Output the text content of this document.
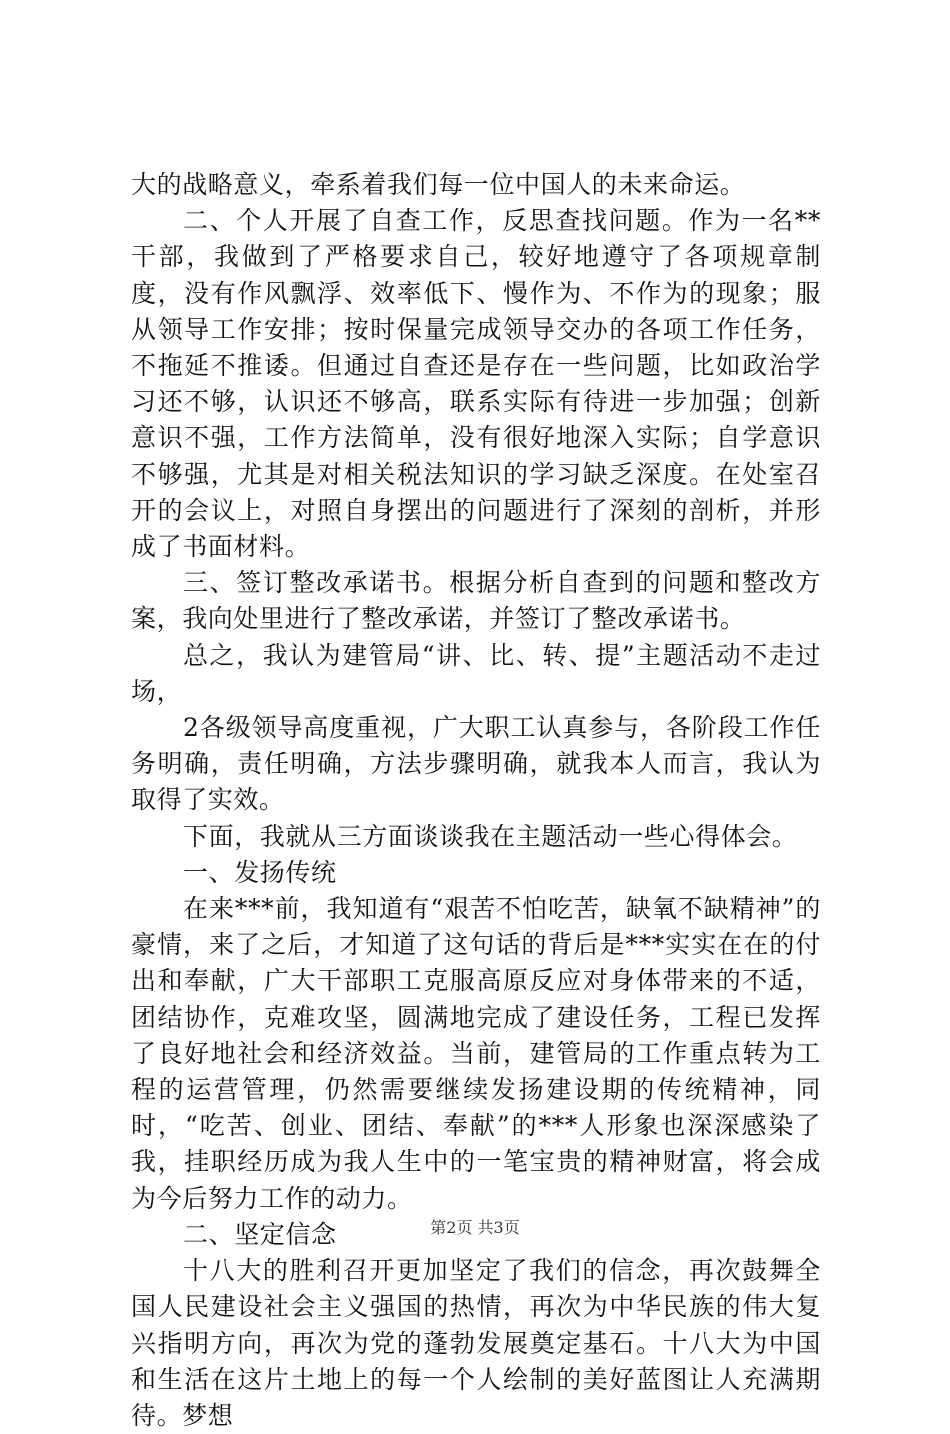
大的战略意义，牵系着我们每一位中国人的未来命运。

二、个人开展了自查工作，反思查找问题。作为一名**干部，我做到了严格要求自己，较好地遵守了各项规章制度，没有作风飘浮、效率低下、慢作为、不作为的现象；服从领导工作安排；按时保量完成领导交办的各项工作任务，不拖延不推诿。但通过自查还是存在一些问题，比如政治学习还不够，认识还不够高，联系实际有待进一步加强；创新意识不强，工作方法简单，没有很好地深入实际；自学意识不够强，尤其是对相关税法知识的学习缺乏深度。在处室召开的会议上，对照自身摆出的问题进行了深刻的剖析，并形成了书面材料。

三、签订整改承诺书。根据分析自查到的问题和整改方案，我向处里进行了整改承诺，并签订了整改承诺书。

总之，我认为建管局“讲、比、转、提”主题活动不走过场，

2各级领导高度重视，广大职工认真参与，各阶段工作任务明确，责任明确，方法步骤明确，就我本人而言，我认为取得了实效。

下面，我就从三方面谈谈我在主题活动一些心得体会。

一、发扬传统

在来***前，我知道有“艰苦不怕吃苦，缺氧不缺精神”的豪情，来了之后，才知道了这句话的背后是***实实在在的付出和奉献，广大干部职工克服高原反应对身体带来的不适，团结协作，克难攻坚，圆满地完成了建设任务，工程已发挥了良好地社会和经济效益。当前，建管局的工作重点转为工程的运营管理，仍然需要继续发扬建设期的传统精神，同时，“吃苦、创业、团结、奉献”的***人形象也深深感染了我，挂职经历成为我人生中的一笔宝贵的精神财富，将会成为今后努力工作的动力。

二、坚定信念

十八大的胜利召开更加坚定了我们的信念，再次鼓舞全国人民建设社会主义强国的热情，再次为中华民族的伟大复兴指明方向，再次为党的蓬勃发展奠定基石。十八大为中国和生活在这片土地上的每一个人绘制的美好蓝图让人充满期待。梦想

第2页 共3页
